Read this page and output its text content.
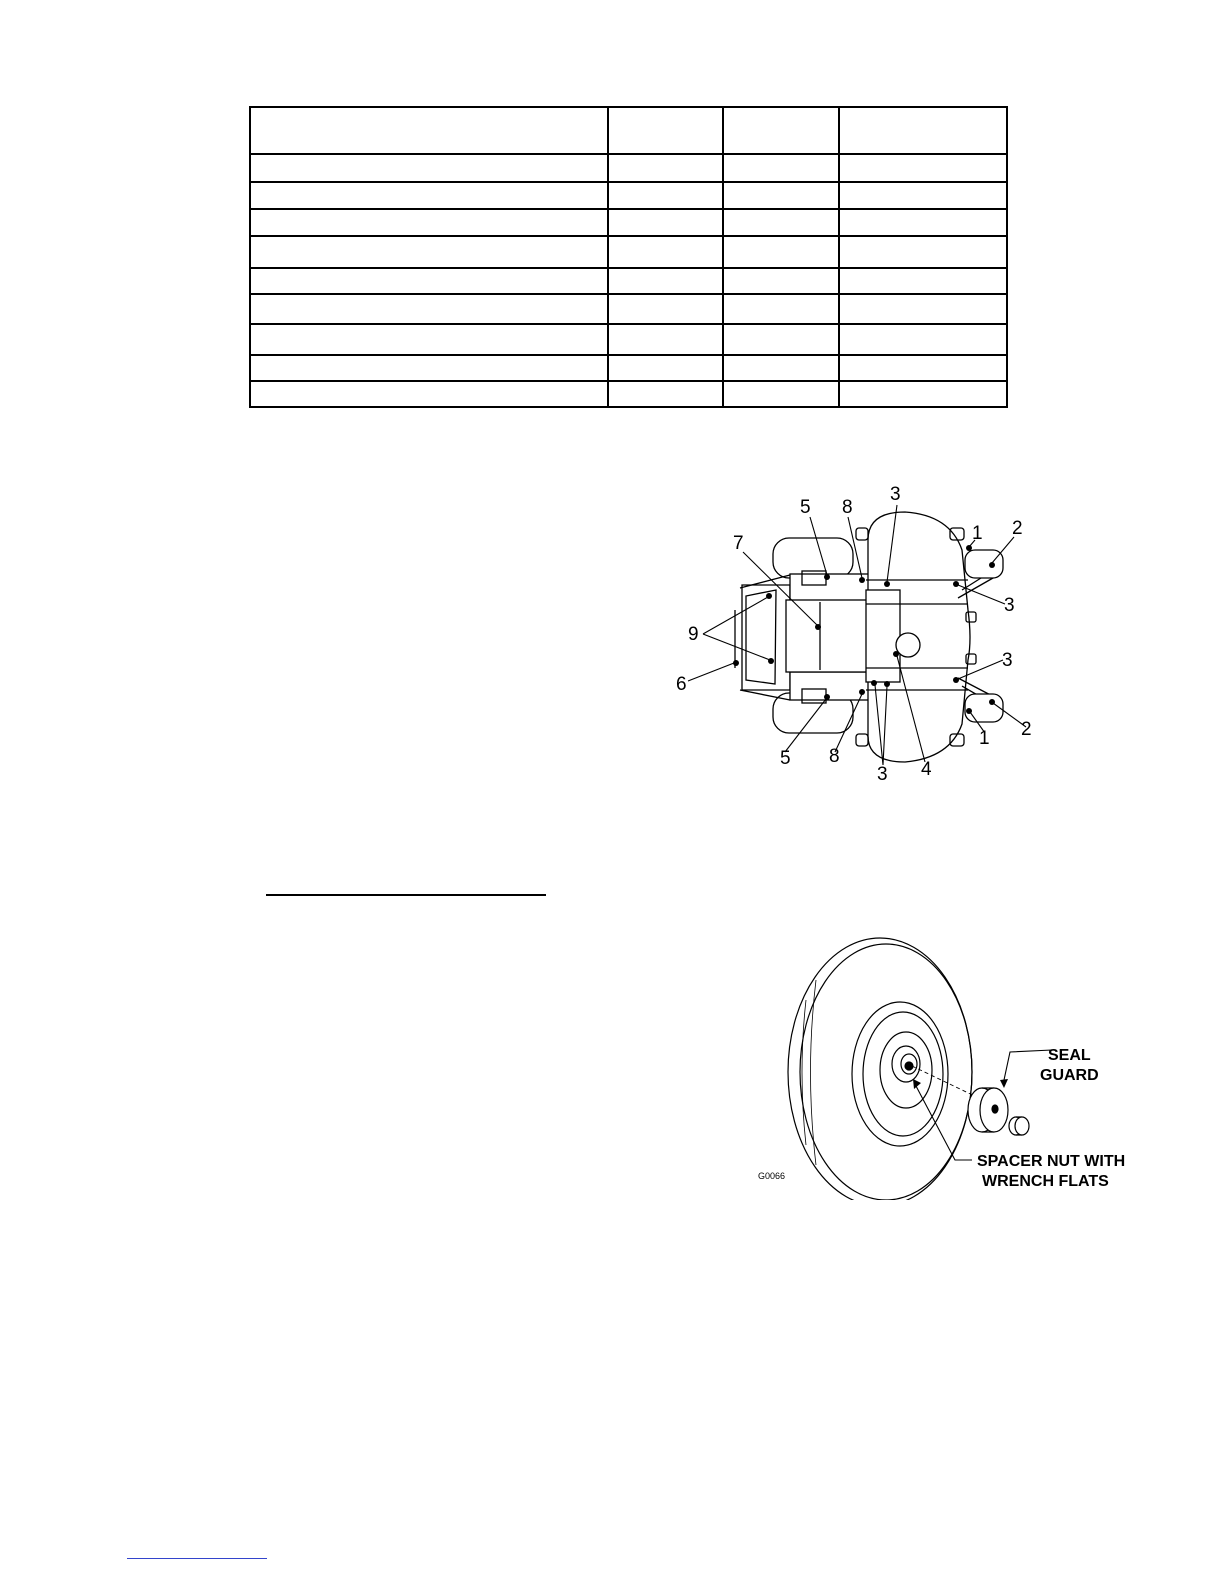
5 8
3
7	1 2
9
3
6
3
5 8
3 4
2
1
SEAL
GUARD
SPACER NUT WITH
WRENCH FLATS
G0066
